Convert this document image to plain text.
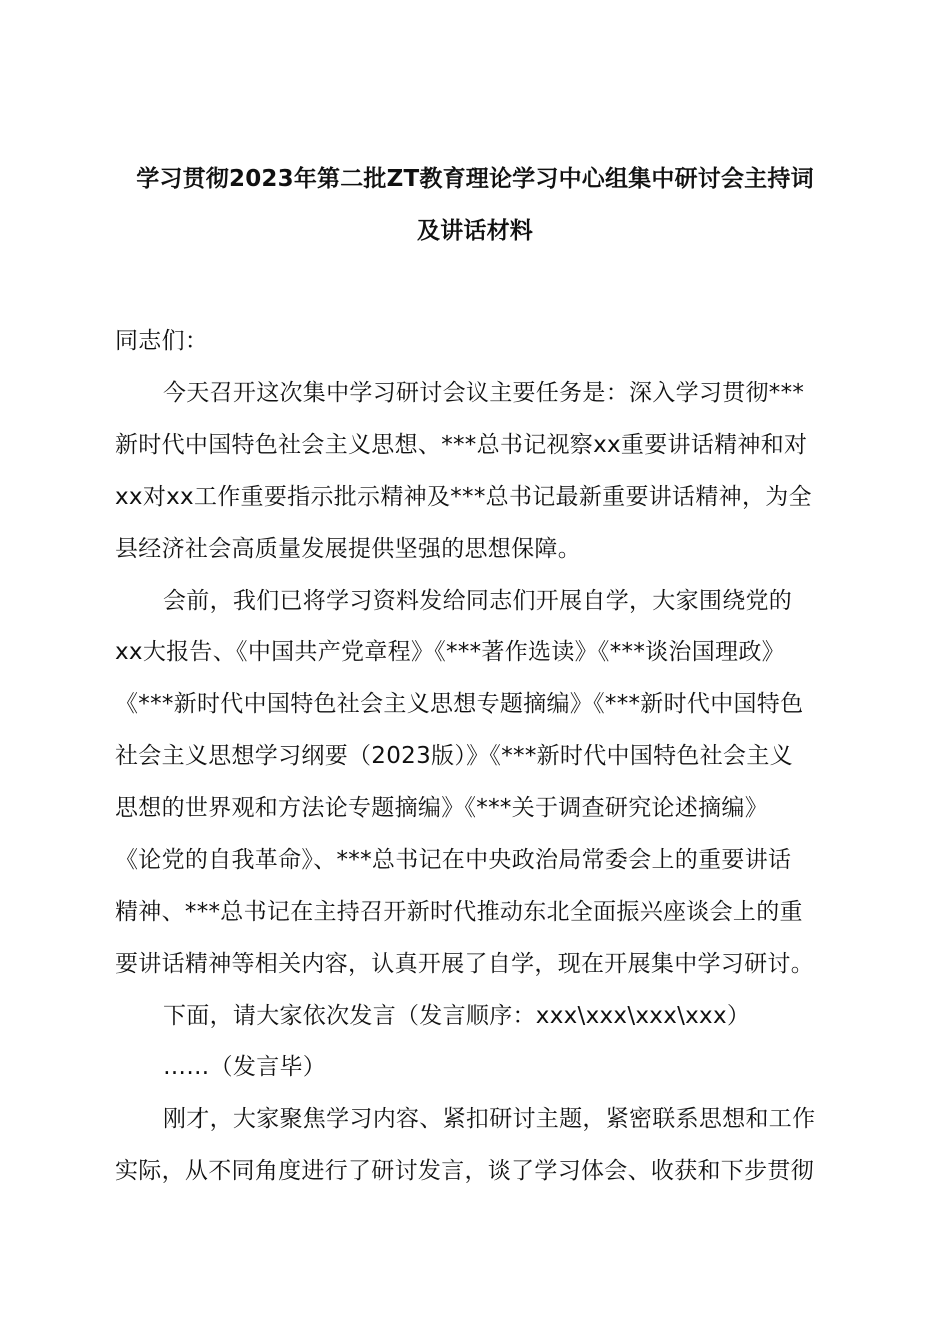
学习贯彻2023年第二批ZT教育理论学习中心组集中研讨会主持词
及讲话材料
同志们：
今天召开这次集中学习研讨会议主要任务是：深入学习贯彻***
新时代中国特色社会主义思想、***总书记视察xx重要讲话精神和对
xx对xx工作重要指示批示精神及***总书记最新重要讲话精神，为全
县经济社会高质量发展提供坚强的思想保障。
会前，我们已将学习资料发给同志们开展自学，大家围绕党的
xx大报告、《中国共产党章程》《***著作选读》《***谈治国理政》
《***新时代中国特色社会主义思想专题摘编》《***新时代中国特色
社会主义思想学习纲要（2023版）》《***新时代中国特色社会主义
思想的世界观和方法论专题摘编》《***关于调查研究论述摘编》
《论党的自我革命》、***总书记在中央政治局常委会上的重要讲话
精神、***总书记在主持召开新时代推动东北全面振兴座谈会上的重
要讲话精神等相关内容，认真开展了自学，现在开展集中学习研讨。
下面，请大家依次发言（发言顺序：xxx\xxx\xxx\xxx）
……（发言毕）
刚才，大家聚焦学习内容、紧扣研讨主题，紧密联系思想和工作
实际，从不同角度进行了研讨发言，谈了学习体会、收获和下步贯彻
